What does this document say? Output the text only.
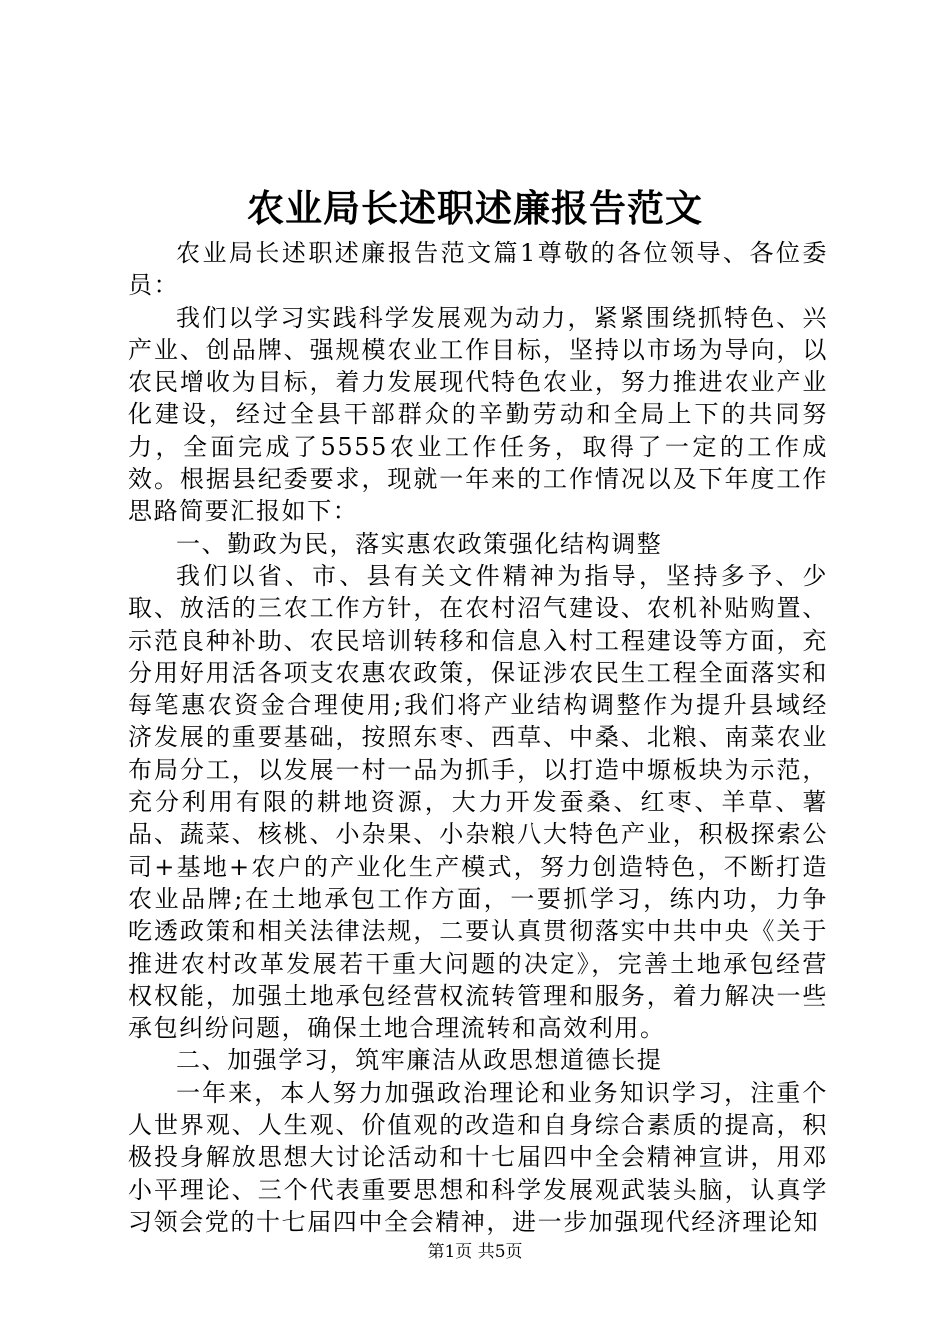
农业局长述职述廉报告范文

农业局长述职述廉报告范文篇1尊敬的各位领导、各位委员：

我们以学习实践科学发展观为动力，紧紧围绕抓特色、兴产业、创品牌、强规模农业工作目标，坚持以市场为导向，以农民增收为目标，着力发展现代特色农业，努力推进农业产业化建设，经过全县干部群众的辛勤劳动和全局上下的共同努力，全面完成了5555农业工作任务，取得了一定的工作成效。根据县纪委要求，现就一年来的工作情况以及下年度工作思路简要汇报如下：

一、勤政为民，落实惠农政策强化结构调整

我们以省、市、县有关文件精神为指导，坚持多予、少取、放活的三农工作方针，在农村沼气建设、农机补贴购置、示范良种补助、农民培训转移和信息入村工程建设等方面，充分用好用活各项支农惠农政策，保证涉农民生工程全面落实和每笔惠农资金合理使用;我们将产业结构调整作为提升县域经济发展的重要基础，按照东枣、西草、中桑、北粮、南菜农业布局分工，以发展一村一品为抓手，以打造中塬板块为示范，充分利用有限的耕地资源，大力开发蚕桑、红枣、羊草、薯品、蔬菜、核桃、小杂果、小杂粮八大特色产业，积极探索公司+基地+农户的产业化生产模式，努力创造特色，不断打造农业品牌;在土地承包工作方面，一要抓学习，练内功，力争吃透政策和相关法律法规，二要认真贯彻落实中共中央《关于推进农村改革发展若干重大问题的决定》，完善土地承包经营权权能，加强土地承包经营权流转管理和服务，着力解决一些承包纠纷问题，确保土地合理流转和高效利用。

二、加强学习，筑牢廉洁从政思想道德长提

一年来，本人努力加强政治理论和业务知识学习，注重个人世界观、人生观、价值观的改造和自身综合素质的提高，积极投身解放思想大讨论活动和十七届四中全会精神宣讲，用邓小平理论、三个代表重要思想和科学发展观武装头脑，认真学习领会党的十七届四中全会精神，进一步加强现代经济理论知

第1页 共5页
